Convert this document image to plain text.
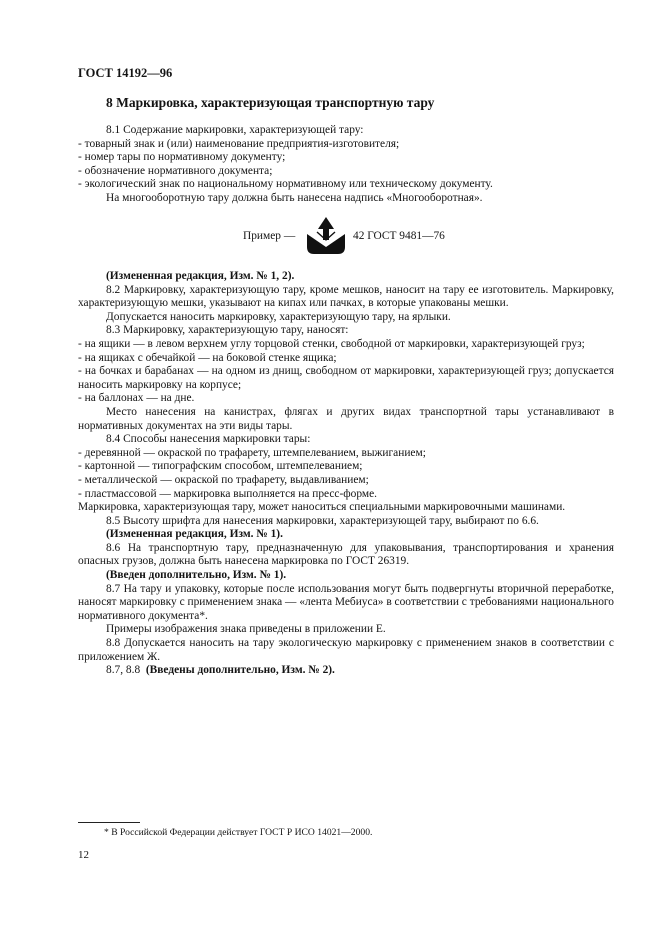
ГОСТ 14192—96
8 Маркировка, характеризующая транспортную тару

8.1 Содержание маркировки, характеризующей тару:

- товарный знак и (или) наименование предприятия-изготовителя;

- номер тары по нормативному документу;

- обозначение нормативного документа;

- экологический знак по национальному нормативному или техническому документу.

На многооборотную тару должна быть нанесена надпись «Многооборотная».

Пример —	42 ГОСТ 9481—76

(Измененная редакция, Изм. № 1, 2).

8.2 Маркировку, характеризующую тару, кроме мешков, наносит на тару ее изготовитель. Маркировку, характеризующую мешки, указывают на кипах или пачках, в которые упакованы мешки.

Допускается наносить маркировку, характеризующую тару, на ярлыки.

8.3 Маркировку, характеризующую тару, наносят:

- на ящики — в левом верхнем углу торцовой стенки, свободной от маркировки, характеризующей груз;

- на ящиках с обечайкой — на боковой стенке ящика;

- на бочках и барабанах — на одном из днищ, свободном от маркировки, характеризующей груз; допускается наносить маркировку на корпусе;

- на баллонах — на дне.

Место нанесения на канистрах, флягах и других видах транспортной тары устанавливают в нормативных документах на эти виды тары.

8.4 Способы нанесения маркировки тары:

- деревянной — окраской по трафарету, штемпелеванием, выжиганием;

- картонной — типографским способом, штемпелеванием;

- металлической — окраской по трафарету, выдавливанием;

- пластмассовой — маркировка выполняется на пресс-форме.

Маркировка, характеризующая тару, может наноситься специальными маркировочными машинами.

8.5 Высоту шрифта для нанесения маркировки, характеризующей тару, выбирают по 6.6.

(Измененная редакция, Изм. № 1).

8.6 На транспортную тару, предназначенную для упаковывания, транспортирования и хранения опасных грузов, должна быть нанесена маркировка по ГОСТ 26319.

(Введен дополнительно, Изм. № 1).

8.7 На тару и упаковку, которые после использования могут быть подвергнуты вторичной переработке, наносят маркировку с применением знака — «лента Мебиуса» в соответствии с требованиями национального нормативного документа*.

Примеры изображения знака приведены в приложении Е.

8.8 Допускается наносить на тару экологическую маркировку с применением знаков в соответствии с приложением Ж.

8.7, 8.8 (Введены дополнительно, Изм. № 2).

* В Российской Федерации действует ГОСТ Р ИСО 14021—2000.
12
